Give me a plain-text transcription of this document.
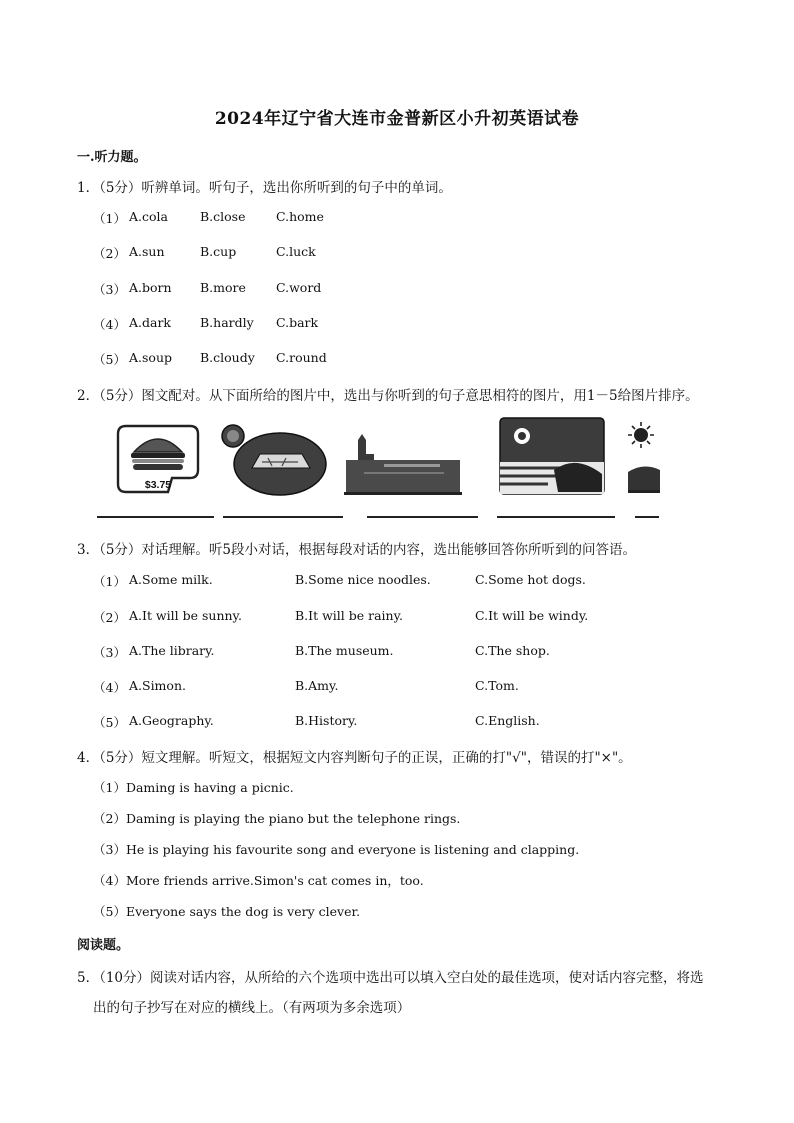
2024年辽宁省大连市金普新区小升初英语试卷
一.听力题。
1．（5分）听辨单词。听句子，选出你所听到的句子中的单词。
（1） A.cola	B.close C.home
（2） A.sun	B.cup	C.luck
（3） A.born B.more C.word
（4） A.dark B.hardly C.bark
（5） A.soup B.cloudy C.round
2．（5分）图文配对。从下面所给的图片中，选出与你听到的句子意思相符的图片，用1－5给图片排序。
$3.75
3．（5分）对话理解。听5段小对话，根据每段对话的内容，选出能够回答你所听到的问答语。
（1） A.Some milk.	B.Some nice noodles.	C.Some hot dogs.
（2） A.It will be sunny.	B.It will be rainy.	C.It will be windy.
（3） A.The library.	B.The museum.	C.The shop.
（4） A.Simon.	B.Amy.	C.Tom.
（5） A.Geography.	B.History.	C.English.
4．（5分）短文理解。听短文，根据短文内容判断句子的正误，正确的打"√"，错误的打"×"。
（1）Daming is having a picnic.
（2）Daming is playing the piano but the telephone rings.
（3）He is playing his favourite song and everyone is listening and clapping.
（4）More friends arrive.Simon's cat comes in，too.
（5）Everyone says the dog is very clever.
阅读题。
5．（10分）阅读对话内容，从所给的六个选项中选出可以填入空白处的最佳选项，使对话内容完整，将选
出的句子抄写在对应的横线上。（有两项为多余选项）
